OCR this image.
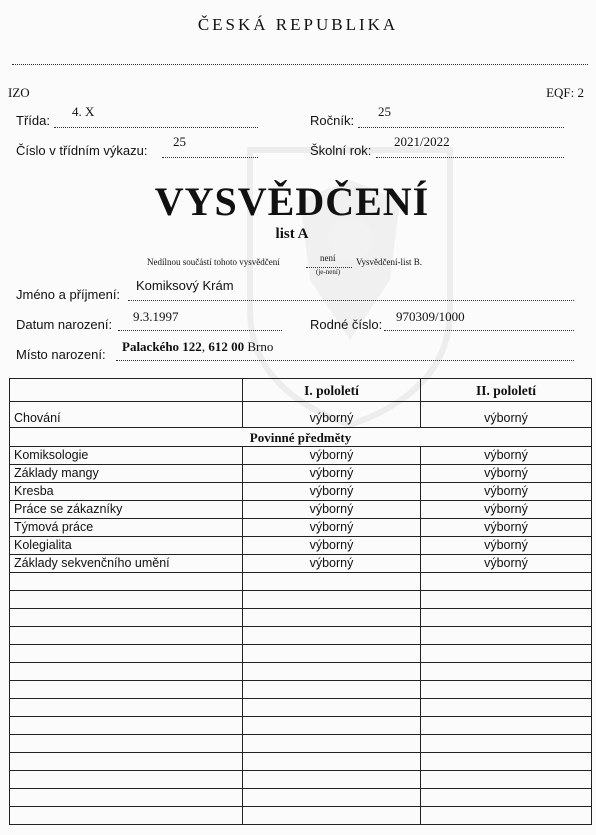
ČESKÁ REPUBLIKA
IZO	EQF: 2
Třída:
4. X
Ročník:
25
Číslo v třídním výkazu:
25
Školní rok:
2021/2022
VYSVĚDČENÍ
list A
Nedílnou součástí tohoto vysvědčení	není
(je-není)
Vysvědčení-list B.
Jméno a příjmení:
Komiksový Krám
Datum narození:
9.3.1997
Rodné číslo:
970309/1000
Místo narození:
Palackého 122, 612 00 Brno
	I. pololetí	II. pololetí
Chování	výborný	výborný
Povinné předměty		
Komiksologie	výborný	výborný
Základy mangy	výborný	výborný
Kresba	výborný	výborný
Práce se zákazníky	výborný	výborný
Týmová práce	výborný	výborný
Kolegialita	výborný	výborný
Základy sekvenčního umění	výborný	výborný
